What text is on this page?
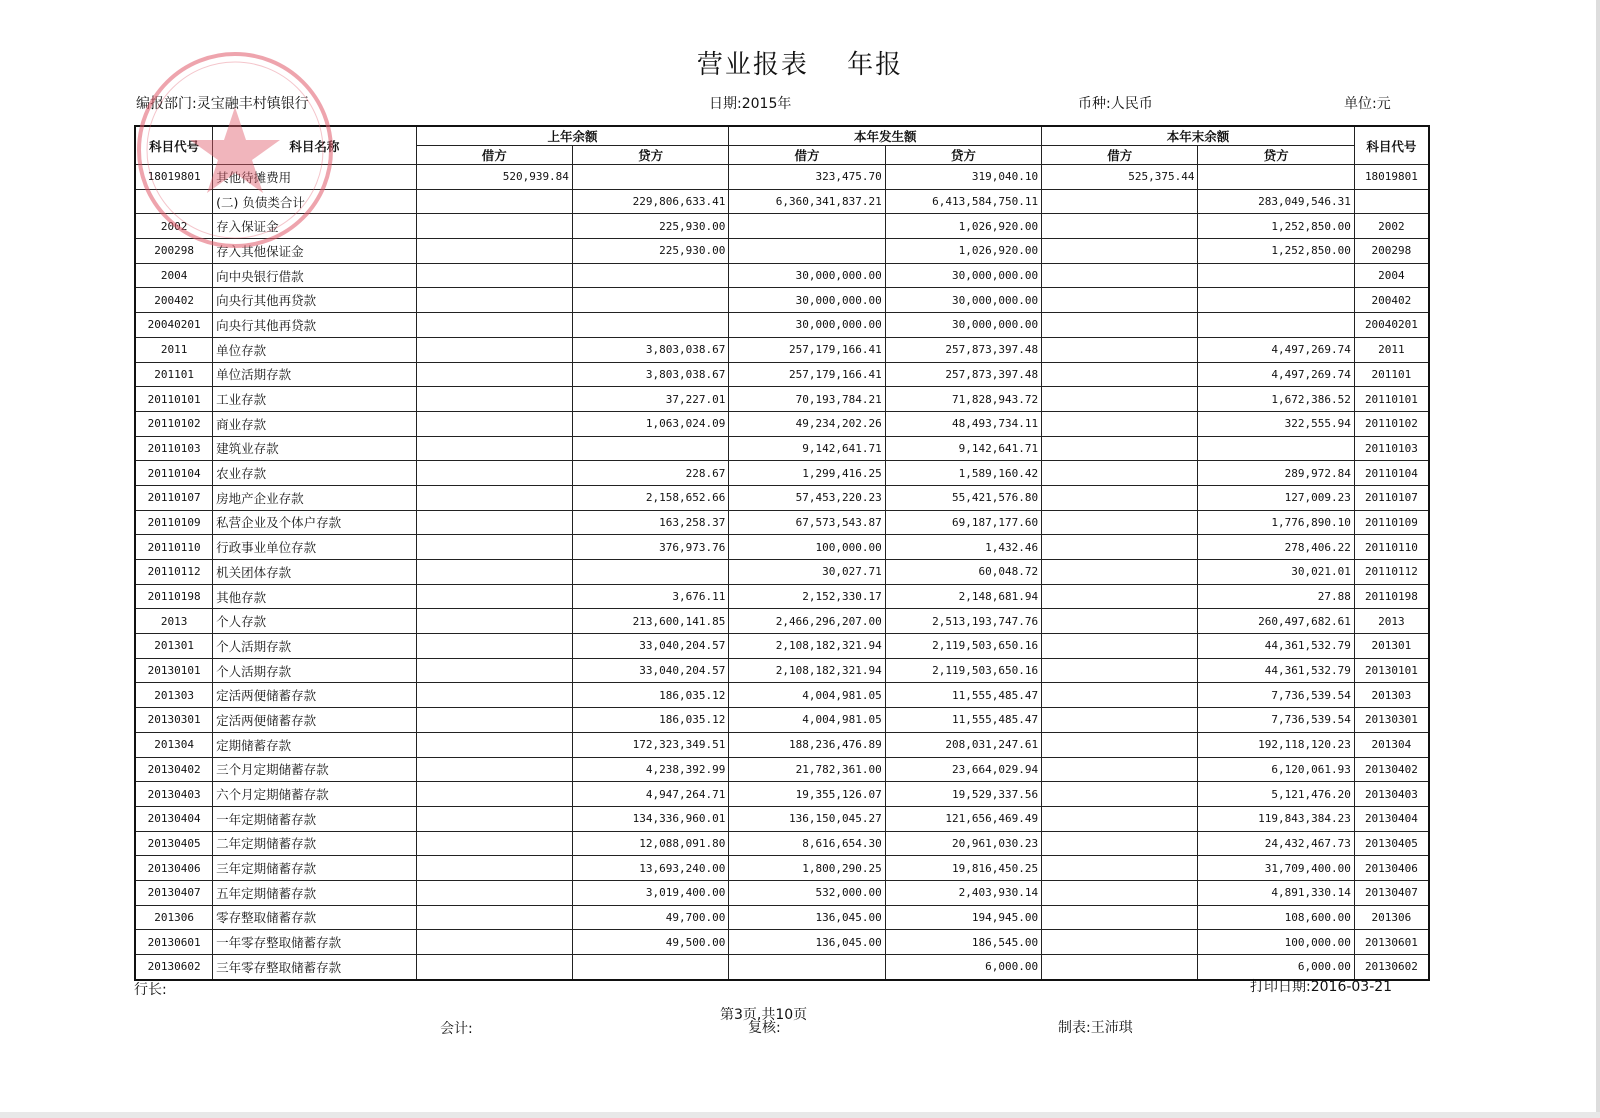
营业报表 年报
编报部门:灵宝融丰村镇银行	日期:2015年	币种:人民币	单位:元
科目代号	科目名称	上年余额		本年发生额		本年末余额		科目代号
		借方	贷方	借方	贷方	借方	贷方	
18019801	其他待摊费用	520,939.84		323,475.70	319,040.10	525,375.44		18019801
	(二) 负债类合计		229,806,633.41	6,360,341,837.21	6,413,584,750.11		283,049,546.31	
2002	存入保证金		225,930.00		1,026,920.00		1,252,850.00	2002
200298	存入其他保证金		225,930.00		1,026,920.00		1,252,850.00	200298
2004	向中央银行借款			30,000,000.00	30,000,000.00			2004
200402	向央行其他再贷款			30,000,000.00	30,000,000.00			200402
20040201	向央行其他再贷款			30,000,000.00	30,000,000.00			20040201
2011	单位存款		3,803,038.67	257,179,166.41	257,873,397.48		4,497,269.74	2011
201101	单位活期存款		3,803,038.67	257,179,166.41	257,873,397.48		4,497,269.74	201101
20110101	工业存款		37,227.01	70,193,784.21	71,828,943.72		1,672,386.52	20110101
20110102	商业存款		1,063,024.09	49,234,202.26	48,493,734.11		322,555.94	20110102
20110103	建筑业存款			9,142,641.71	9,142,641.71			20110103
20110104	农业存款		228.67	1,299,416.25	1,589,160.42		289,972.84	20110104
20110107	房地产企业存款		2,158,652.66	57,453,220.23	55,421,576.80		127,009.23	20110107
20110109	私营企业及个体户存款		163,258.37	67,573,543.87	69,187,177.60		1,776,890.10	20110109
20110110	行政事业单位存款		376,973.76	100,000.00	1,432.46		278,406.22	20110110
20110112	机关团体存款			30,027.71	60,048.72		30,021.01	20110112
20110198	其他存款		3,676.11	2,152,330.17	2,148,681.94		27.88	20110198
2013	个人存款		213,600,141.85	2,466,296,207.00	2,513,193,747.76		260,497,682.61	2013
201301	个人活期存款		33,040,204.57	2,108,182,321.94	2,119,503,650.16		44,361,532.79	201301
20130101	个人活期存款		33,040,204.57	2,108,182,321.94	2,119,503,650.16		44,361,532.79	20130101
201303	定活两便储蓄存款		186,035.12	4,004,981.05	11,555,485.47		7,736,539.54	201303
20130301	定活两便储蓄存款		186,035.12	4,004,981.05	11,555,485.47		7,736,539.54	20130301
201304	定期储蓄存款		172,323,349.51	188,236,476.89	208,031,247.61		192,118,120.23	201304
20130402	三个月定期储蓄存款		4,238,392.99	21,782,361.00	23,664,029.94		6,120,061.93	20130402
20130403	六个月定期储蓄存款		4,947,264.71	19,355,126.07	19,529,337.56		5,121,476.20	20130403
20130404	一年定期储蓄存款		134,336,960.01	136,150,045.27	121,656,469.49		119,843,384.23	20130404
20130405	二年定期储蓄存款		12,088,091.80	8,616,654.30	20,961,030.23		24,432,467.73	20130405
20130406	三年定期储蓄存款		13,693,240.00	1,800,290.25	19,816,450.25		31,709,400.00	20130406
20130407	五年定期储蓄存款		3,019,400.00	532,000.00	2,403,930.14		4,891,330.14	20130407
201306	零存整取储蓄存款		49,700.00	136,045.00	194,945.00		108,600.00	201306
20130601	一年零存整取储蓄存款		49,500.00	136,045.00	186,545.00		100,000.00	20130601
20130602	三年零存整取储蓄存款				6,000.00		6,000.00	20130602
行长:	打印日期:2016-03-21
第3页,共10页
会计:	复核:	制表:王沛琪
